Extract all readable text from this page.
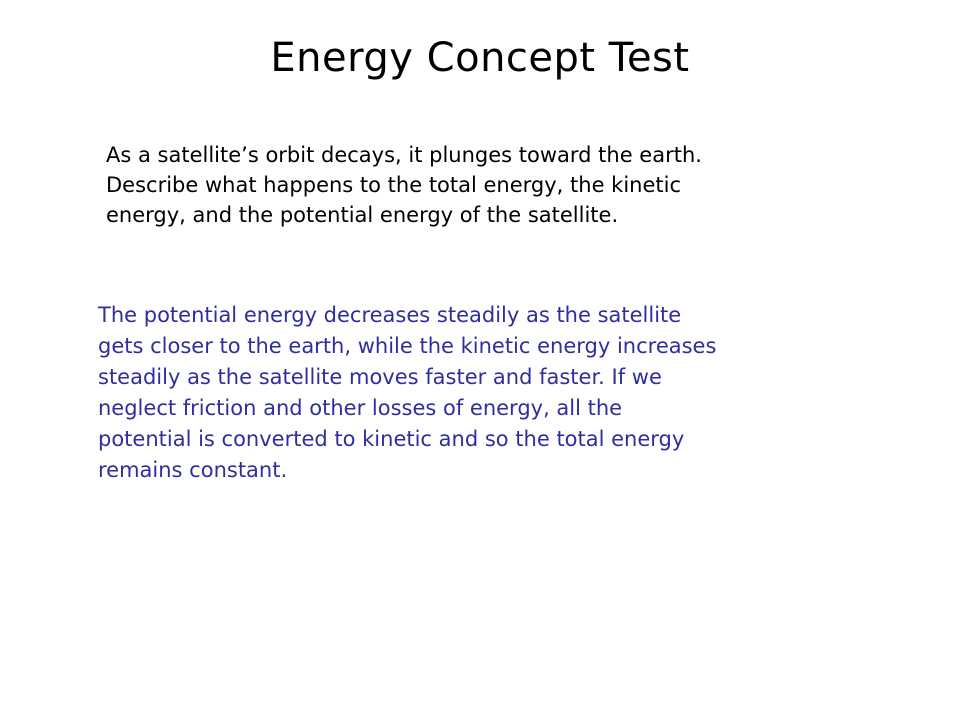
Energy Concept Test
As a satellite’s orbit decays, it plunges toward the earth.
Describe what happens to the total energy, the kinetic
energy, and the potential energy of the satellite.
The potential energy decreases steadily as the satellite
gets closer to the earth, while the kinetic energy increases
steadily as the satellite moves faster and faster. If we
neglect friction and other losses of energy, all the
potential is converted to kinetic and so the total energy
remains constant.
